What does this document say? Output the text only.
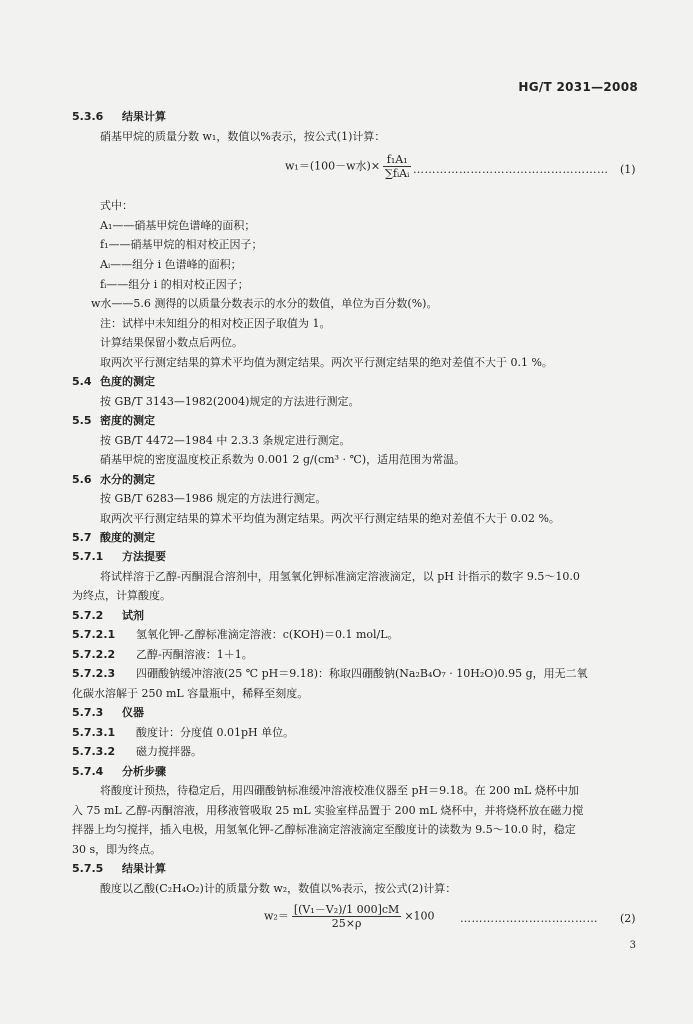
HG/T 2031—2008
5.3.6 结果计算
硝基甲烷的质量分数 w₁，数值以%表示，按公式(1)计算：
w₁＝(100－w水)× $\frac{\text{f₁A₁}}{\text{∑fᵢAᵢ}}$ …………………………………………… (1)
式中：
A₁——硝基甲烷色谱峰的面积；
f₁——硝基甲烷的相对校正因子；
Aᵢ——组分 i 色谱峰的面积；
fᵢ——组分 i 的相对校正因子；
w水——5.6 测得的以质量分数表示的水分的数值，单位为百分数(%)。
注：试样中未知组分的相对校正因子取值为 1。
计算结果保留小数点后两位。
取两次平行测定结果的算术平均值为测定结果。两次平行测定结果的绝对差值不大于 0.1 %。
5.4 色度的测定
按 GB/T 3143—1982(2004)规定的方法进行测定。
5.5 密度的测定
按 GB/T 4472—1984 中 2.3.3 条规定进行测定。
硝基甲烷的密度温度校正系数为 0.001 2 g/(cm³ · ℃)，适用范围为常温。
5.6 水分的测定
按 GB/T 6283—1986 规定的方法进行测定。
取两次平行测定结果的算术平均值为测定结果。两次平行测定结果的绝对差值不大于 0.02 %。
5.7 酸度的测定
5.7.1 方法提要
将试样溶于乙醇-丙酮混合溶剂中，用氢氧化钾标准滴定溶液滴定，以 pH 计指示的数字 9.5～10.0
为终点，计算酸度。
5.7.2 试剂
5.7.2.1 氢氧化钾-乙醇标准滴定溶液：c(KOH)＝0.1 mol/L。
5.7.2.2 乙醇-丙酮溶液：1＋1。
5.7.2.3 四硼酸钠缓冲溶液(25 ℃ pH＝9.18)：称取四硼酸钠(Na₂B₄O₇ · 10H₂O)0.95 g，用无二氧
化碳水溶解于 250 mL 容量瓶中，稀释至刻度。
5.7.3 仪器
5.7.3.1 酸度计：分度值 0.01pH 单位。
5.7.3.2 磁力搅拌器。
5.7.4 分析步骤
将酸度计预热，待稳定后，用四硼酸钠标准缓冲溶液校准仪器至 pH＝9.18。在 200 mL 烧杯中加
入 75 mL 乙醇-丙酮溶液，用移液管吸取 25 mL 实验室样品置于 200 mL 烧杯中，并将烧杯放在磁力搅
拌器上均匀搅拌，插入电极，用氢氧化钾-乙醇标准滴定溶液滴定至酸度计的读数为 9.5～10.0 时，稳定
30 s，即为终点。
5.7.5 结果计算
酸度以乙酸(C₂H₄O₂)计的质量分数 w₂，数值以%表示，按公式(2)计算：
$w_2= \frac{\text{[(V₁－V₂)/1 000]cM}}{25\times\rho} \times 100$ ……………………………… (2)
3
